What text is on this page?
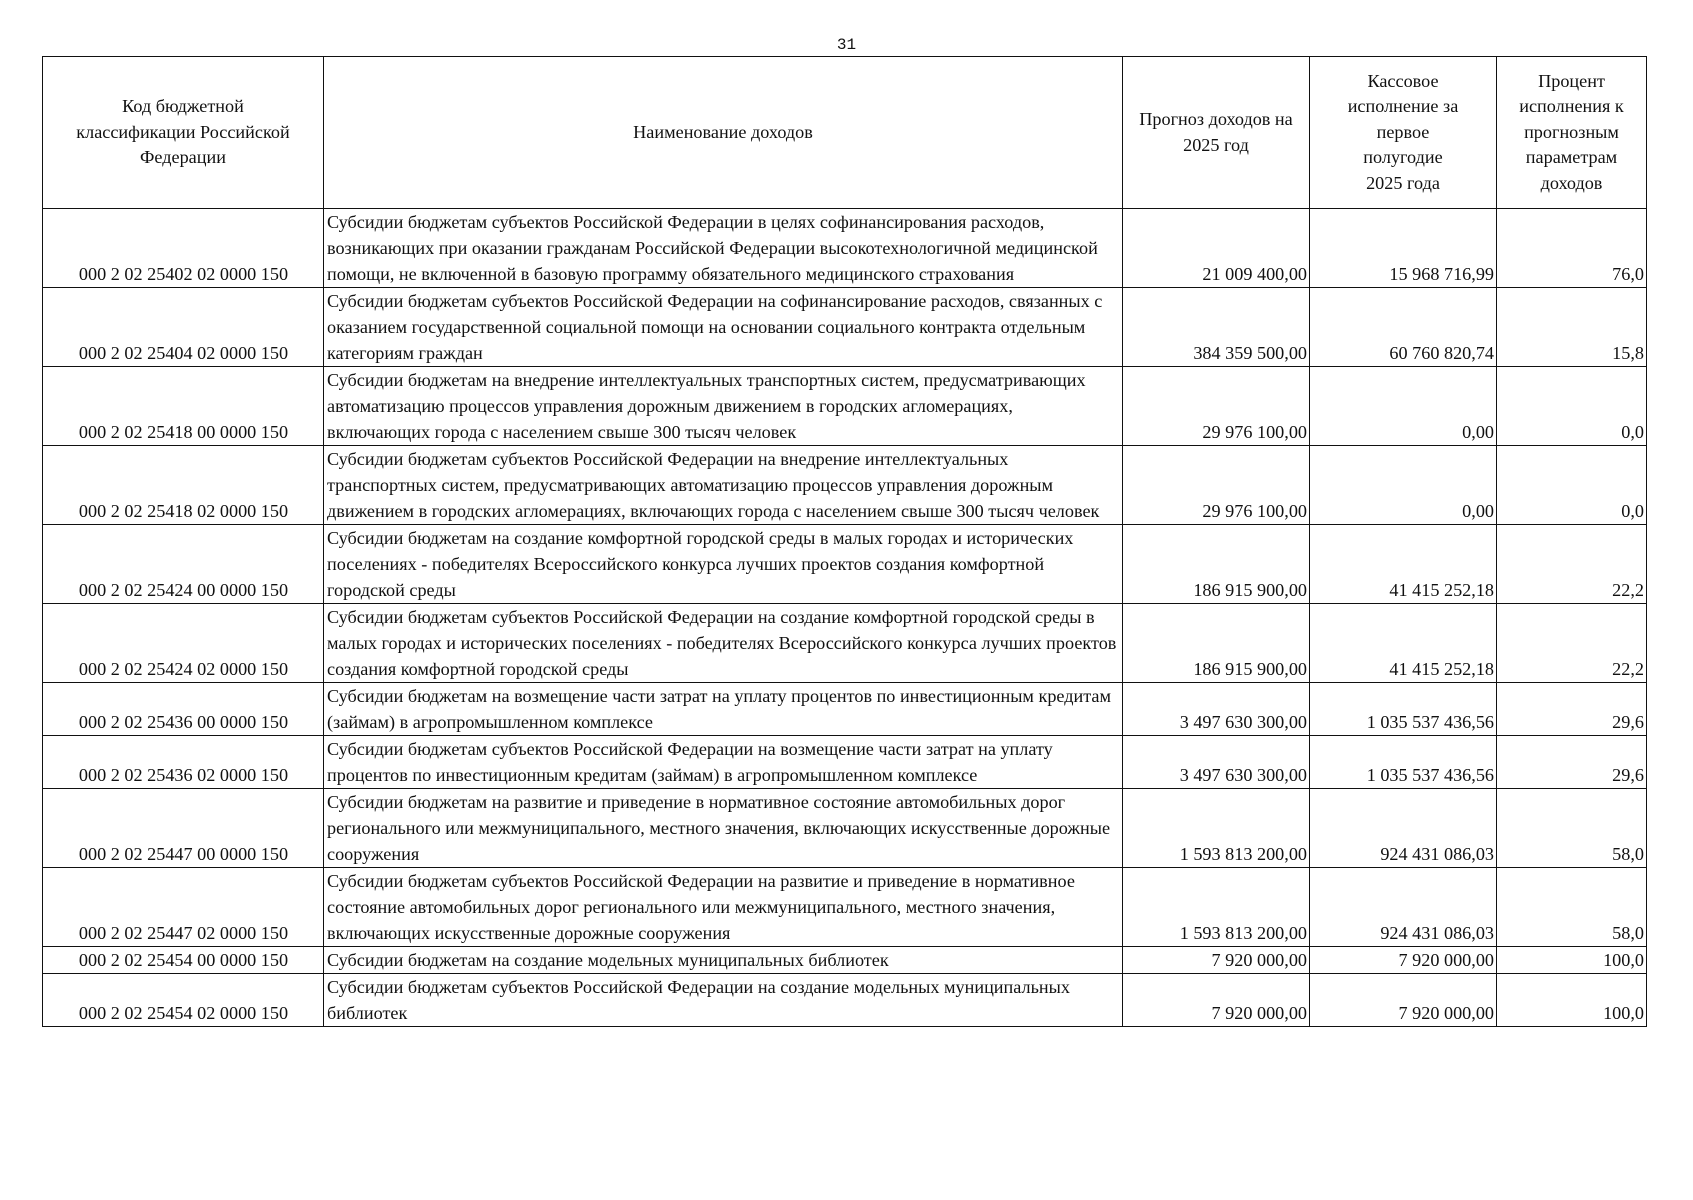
31
Код бюджетной классификации Российской Федерации	Наименование доходов	Прогноз доходов на 2025 год	Кассовое исполнение за первое полугодие 2025 года	Процент исполнения к прогнозным параметрам доходов
000 2 02 25402 02 0000 150	Субсидии бюджетам субъектов Российской Федерации в целях софинансирования расходов, возникающих при оказании гражданам Российской Федерации высокотехнологичной медицинской помощи, не включенной в базовую программу обязательного медицинского страхования	21 009 400,00	15 968 716,99	76,0
000 2 02 25404 02 0000 150	Субсидии бюджетам субъектов Российской Федерации на софинансирование расходов, связанных с оказанием государственной социальной помощи на основании социального контракта отдельным категориям граждан	384 359 500,00	60 760 820,74	15,8
000 2 02 25418 00 0000 150	Субсидии бюджетам на внедрение интеллектуальных транспортных систем, предусматривающих автоматизацию процессов управления дорожным движением в городских агломерациях, включающих города с населением свыше 300 тысяч человек	29 976 100,00	0,00	0,0
000 2 02 25418 02 0000 150	Субсидии бюджетам субъектов Российской Федерации на внедрение интеллектуальных транспортных систем, предусматривающих автоматизацию процессов управления дорожным движением в городских агломерациях, включающих города с населением свыше 300 тысяч человек	29 976 100,00	0,00	0,0
000 2 02 25424 00 0000 150	Субсидии бюджетам на создание комфортной городской среды в малых городах и исторических поселениях - победителях Всероссийского конкурса лучших проектов создания комфортной городской среды	186 915 900,00	41 415 252,18	22,2
000 2 02 25424 02 0000 150	Субсидии бюджетам субъектов Российской Федерации на создание комфортной городской среды в малых городах и исторических поселениях - победителях Всероссийского конкурса лучших проектов создания комфортной городской среды	186 915 900,00	41 415 252,18	22,2
000 2 02 25436 00 0000 150	Субсидии бюджетам на возмещение части затрат на уплату процентов по инвестиционным кредитам (займам) в агропромышленном комплексе	3 497 630 300,00	1 035 537 436,56	29,6
000 2 02 25436 02 0000 150	Субсидии бюджетам субъектов Российской Федерации на возмещение части затрат на уплату процентов по инвестиционным кредитам (займам) в агропромышленном комплексе	3 497 630 300,00	1 035 537 436,56	29,6
000 2 02 25447 00 0000 150	Субсидии бюджетам на развитие и приведение в нормативное состояние автомобильных дорог регионального или межмуниципального, местного значения, включающих искусственные дорожные сооружения	1 593 813 200,00	924 431 086,03	58,0
000 2 02 25447 02 0000 150	Субсидии бюджетам субъектов Российской Федерации на развитие и приведение в нормативное состояние автомобильных дорог регионального или межмуниципального, местного значения, включающих искусственные дорожные сооружения	1 593 813 200,00	924 431 086,03	58,0
000 2 02 25454 00 0000 150	Субсидии бюджетам на создание модельных муниципальных библиотек	7 920 000,00	7 920 000,00	100,0
000 2 02 25454 02 0000 150	Субсидии бюджетам субъектов Российской Федерации на создание модельных муниципальных библиотек	7 920 000,00	7 920 000,00	100,0
